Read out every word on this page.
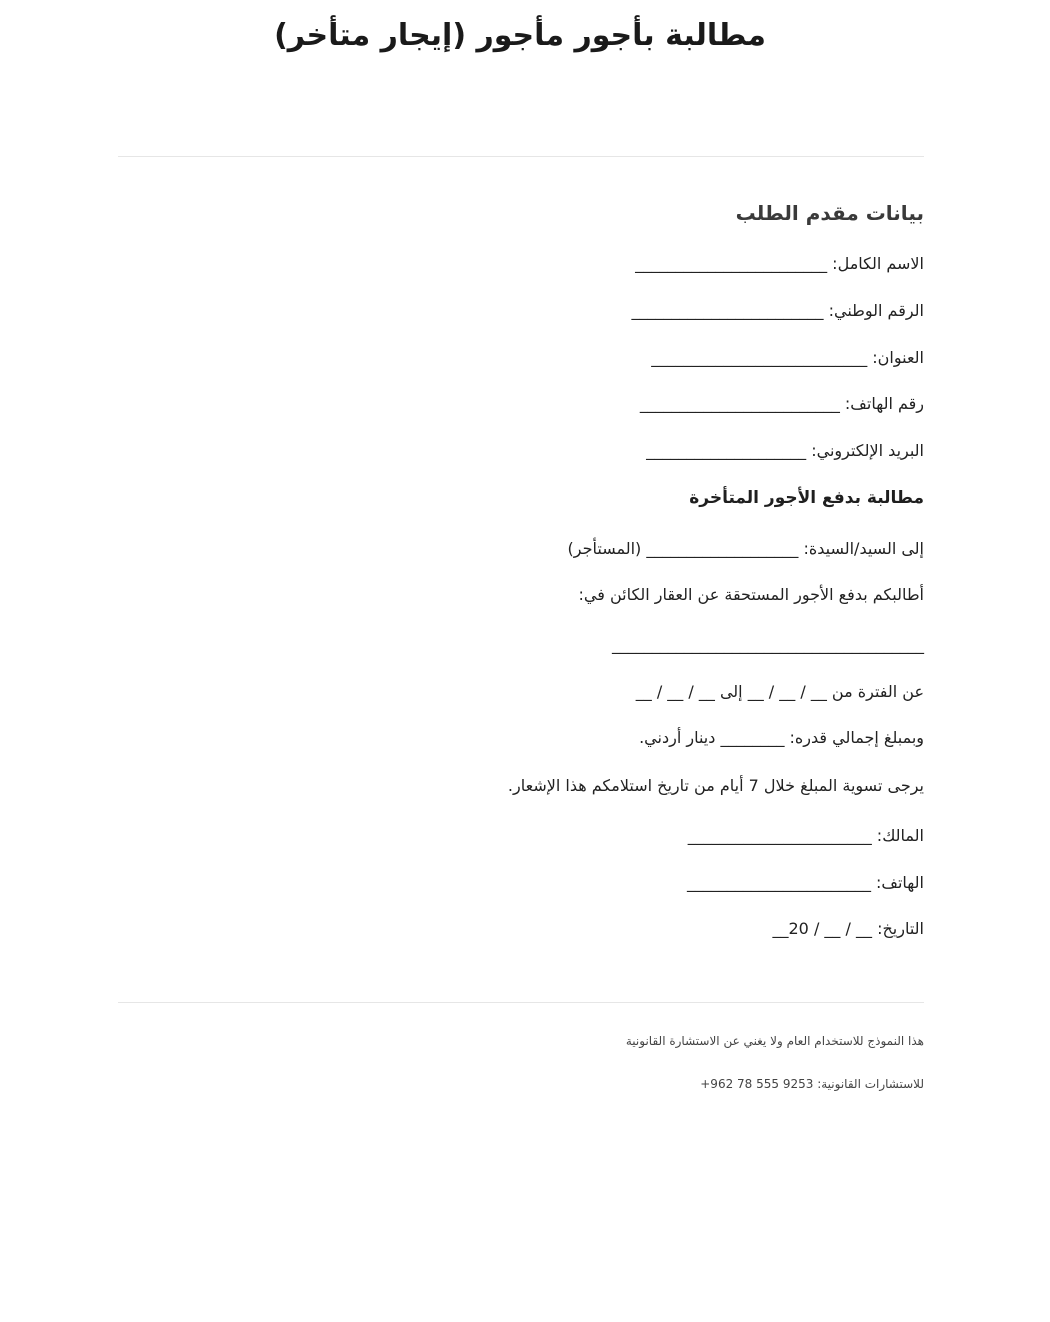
مطالبة بأجور مأجور (إيجار متأخر)
بيانات مقدم الطلب
الاسم الكامل: ________________________
الرقم الوطني: ________________________
العنوان: ___________________________
رقم الهاتف: _________________________
البريد الإلكتروني: ____________________
مطالبة بدفع الأجور المتأخرة
إلى السيد/السيدة: ___________________ (المستأجر)
أطالبكم بدفع الأجور المستحقة عن العقار الكائن في:
_______________________________________
عن الفترة من __ / __ / __ إلى __ / __ / __
وبمبلغ إجمالي قدره: ________ دينار أردني.
يرجى تسوية المبلغ خلال 7 أيام من تاريخ استلامكم هذا الإشعار.
المالك: _______________________
الهاتف: _______________________
التاريخ: __ / __ / 20__
هذا النموذج للاستخدام العام ولا يغني عن الاستشارة القانونية
للاستشارات القانونية: +962 78 555 9253
